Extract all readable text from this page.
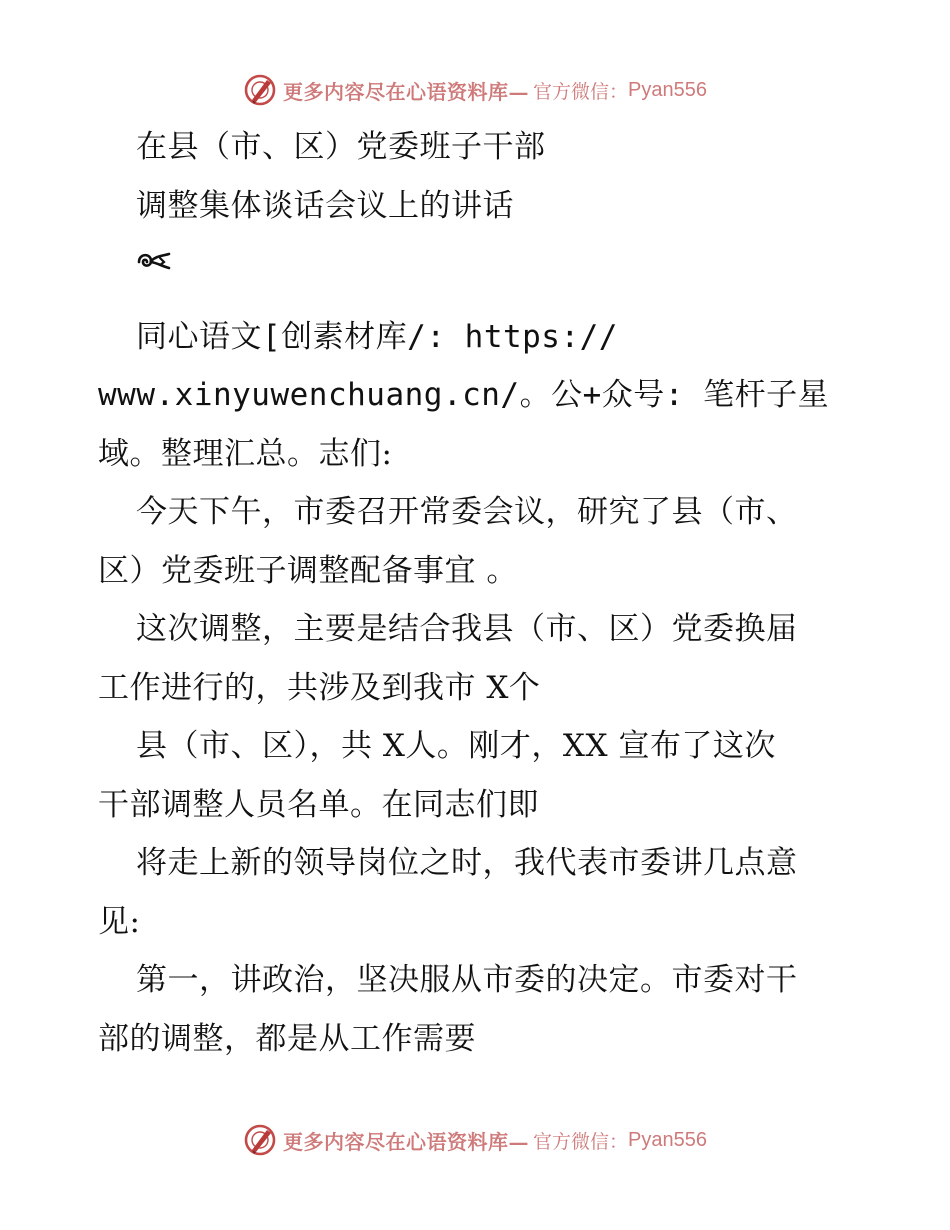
更多内容尽在心语资料库— 官方微信： Pyan556
在县（市、区）党委班子干部
调整集体谈话会议上的讲话
同心语文[创素材库/: https://
www.xinyuwenchuang.cn/。公+众号: 笔杆子星
域。整理汇总。志们:
今天下午，市委召开常委会议，研究了县（市、
区）党委班子调整配备事宜 。
这次调整，主要是结合我县（市、区）党委换届
工作进行的，共涉及到我市 X个
县（市、区），共 X人。刚才，XX 宣布了这次
干部调整人员名单。在同志们即
将走上新的领导岗位之时，我代表市委讲几点意
见:
第一，讲政治，坚决服从市委的决定。市委对干
部的调整，都是从工作需要
更多内容尽在心语资料库— 官方微信： Pyan556
